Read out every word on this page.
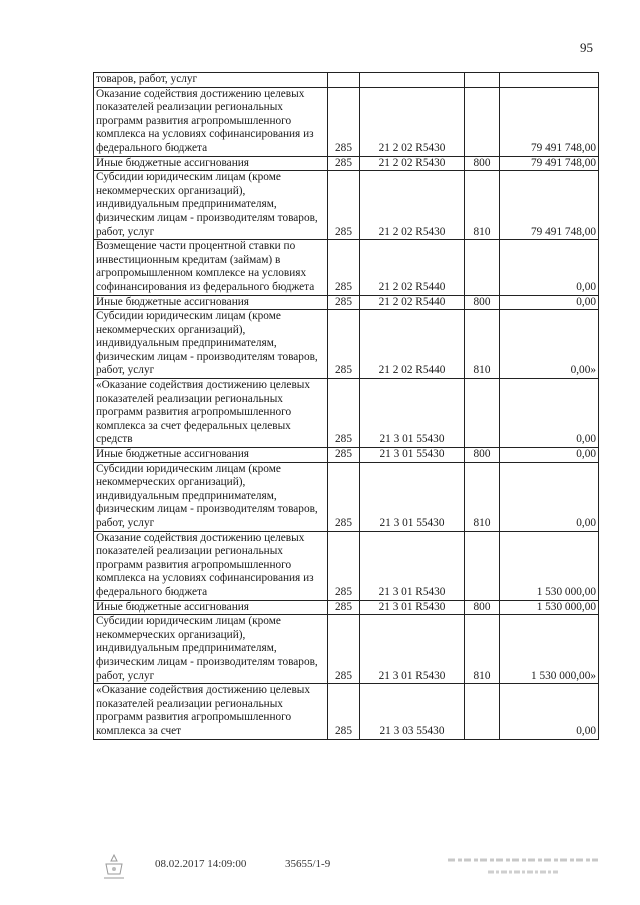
95
товаров, работ, услуг				
Оказание содействия достижению целевых показателей реализации региональных программ развития агропромышленного комплекса на условиях софинансирования из федерального бюджета	285	21 2 02 R5430		79 491 748,00
Иные бюджетные ассигнования	285	21 2 02 R5430	800	79 491 748,00
Субсидии юридическим лицам (кроме некоммерческих организаций), индивидуальным предпринимателям, физическим лицам - производителям товаров, работ, услуг	285	21 2 02 R5430	810	79 491 748,00
Возмещение части процентной ставки по инвестиционным кредитам (займам) в агропромышленном комплексе на условиях софинансирования из федерального бюджета	285	21 2 02 R5440		0,00
Иные бюджетные ассигнования	285	21 2 02 R5440	800	0,00
Субсидии юридическим лицам (кроме некоммерческих организаций), индивидуальным предпринимателям, физическим лицам - производителям товаров, работ, услуг	285	21 2 02 R5440	810	0,00»
«Оказание содействия достижению целевых показателей реализации региональных программ развития агропромышленного комплекса за счет федеральных целевых средств	285	21 3 01 55430		0,00
Иные бюджетные ассигнования	285	21 3 01 55430	800	0,00
Субсидии юридическим лицам (кроме некоммерческих организаций), индивидуальным предпринимателям, физическим лицам - производителям товаров, работ, услуг	285	21 3 01 55430	810	0,00
Оказание содействия достижению целевых показателей реализации региональных программ развития агропромышленного комплекса на условиях софинансирования из федерального бюджета	285	21 3 01 R5430		1 530 000,00
Иные бюджетные ассигнования	285	21 3 01 R5430	800	1 530 000,00
Субсидии юридическим лицам (кроме некоммерческих организаций), индивидуальным предпринимателям, физическим лицам - производителям товаров, работ, услуг	285	21 3 01 R5430	810	1 530 000,00»
«Оказание содействия достижению целевых показателей реализации региональных программ развития агропромышленного комплекса за счет	285	21 3 03 55430		0,00
08.02.2017 14:09:00	35655/1-9
